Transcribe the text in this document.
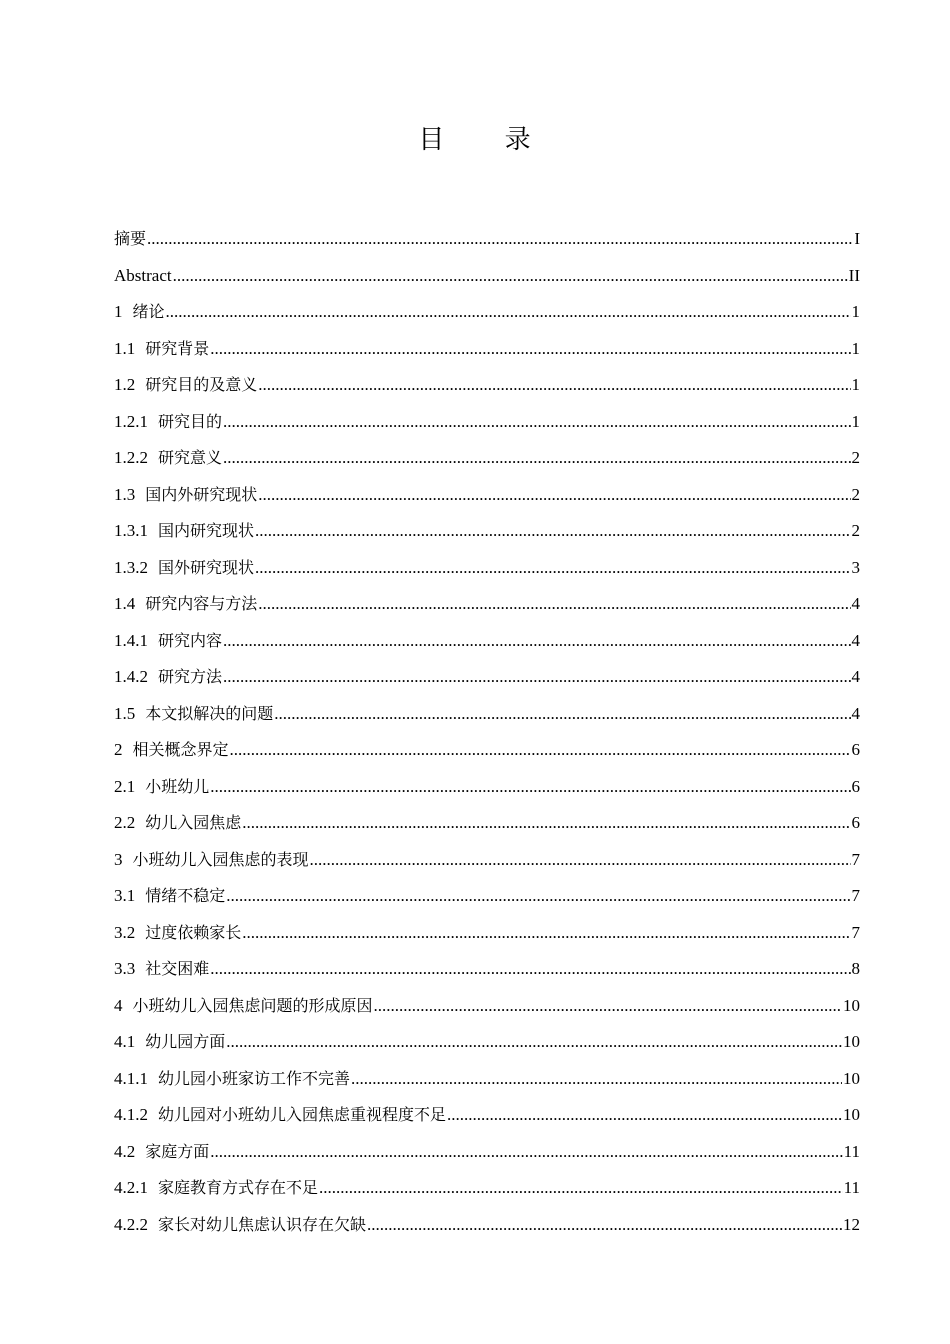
目 录
摘要 .....	I
Abstract .....	II
1 绪论 .....	1
1.1 研究背景 .....	1
1.2 研究目的及意义 .....	1
1.2.1 研究目的 .....	1
1.2.2 研究意义 .....	2
1.3 国内外研究现状 .....	2
1.3.1 国内研究现状 .....	2
1.3.2 国外研究现状 .....	3
1.4 研究内容与方法 .....	4
1.4.1 研究内容 .....	4
1.4.2 研究方法 .....	4
1.5 本文拟解决的问题 .....	4
2 相关概念界定 .....	6
2.1 小班幼儿 .....	6
2.2 幼儿入园焦虑 .....	6
3 小班幼儿入园焦虑的表现 .....	7
3.1 情绪不稳定 .....	7
3.2 过度依赖家长 .....	7
3.3 社交困难 .....	8
4 小班幼儿入园焦虑问题的形成原因 .....	10
4.1 幼儿园方面 .....	10
4.1.1 幼儿园小班家访工作不完善 .....	10
4.1.2 幼儿园对小班幼儿入园焦虑重视程度不足 .....	10
4.2 家庭方面 .....	11
4.2.1 家庭教育方式存在不足 .....	11
4.2.2 家长对幼儿焦虑认识存在欠缺 .....	12
